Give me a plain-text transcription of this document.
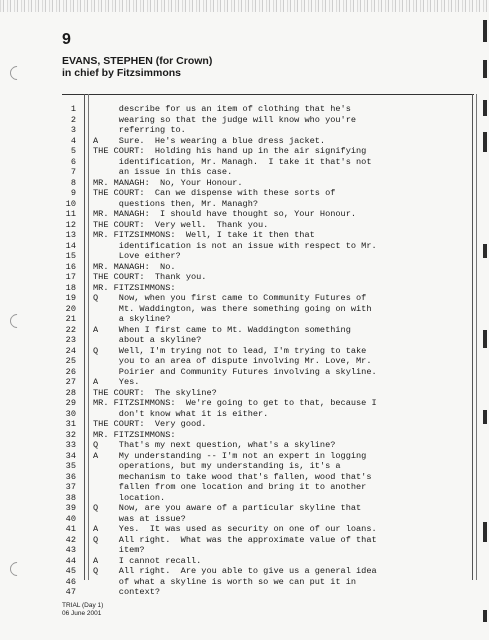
9
EVANS, STEPHEN (for Crown)
in chief by Fitzsimmons
1 describe for us an item of clothing that he's
2 wearing so that the judge will know who you're
3 referring to.
4 A    Sure.  He's wearing a blue dress jacket.
5 THE COURT:  Holding his hand up in the air signifying
6 identification, Mr. Managh.  I take it that's not
7 an issue in this case.
8 MR. MANAGH:  No, Your Honour.
9 THE COURT:  Can we dispense with these sorts of
10 questions then, Mr. Managh?
11 MR. MANAGH:  I should have thought so, Your Honour.
12 THE COURT:  Very well.  Thank you.
13 MR. FITZSIMMONS:  Well, I take it then that
14 identification is not an issue with respect to Mr.
15 Love either?
16 MR. MANAGH:  No.
17 THE COURT:  Thank you.
18 MR. FITZSIMMONS:
19 Q    Now, when you first came to Community Futures of
20 Mt. Waddington, was there something going on with
21 a skyline?
22 A    When I first came to Mt. Waddington something
23 about a skyline?
24 Q    Well, I'm trying not to lead, I'm trying to take
25 you to an area of dispute involving Mr. Love, Mr.
26 Poirier and Community Futures involving a skyline.
27 A    Yes.
28 THE COURT:  The skyline?
29 MR. FITZSIMMONS:  We're going to get to that, because I
30 don't know what it is either.
31 THE COURT:  Very good.
32 MR. FITZSIMMONS:
33 Q    That's my next question, what's a skyline?
34 A    My understanding -- I'm not an expert in logging
35 operations, but my understanding is, it's a
36 mechanism to take wood that's fallen, wood that's
37 fallen from one location and bring it to another
38 location.
39 Q    Now, are you aware of a particular skyline that
40 was at issue?
41 A    Yes.  It was used as security on one of our loans.
42 Q    All right.  What was the approximate value of that
43 item?
44 A    I cannot recall.
45 Q    All right.  Are you able to give us a general idea
46 of what a skyline is worth so we can put it in
47 context?
TRIAL (Day 1)
06 June 2001
